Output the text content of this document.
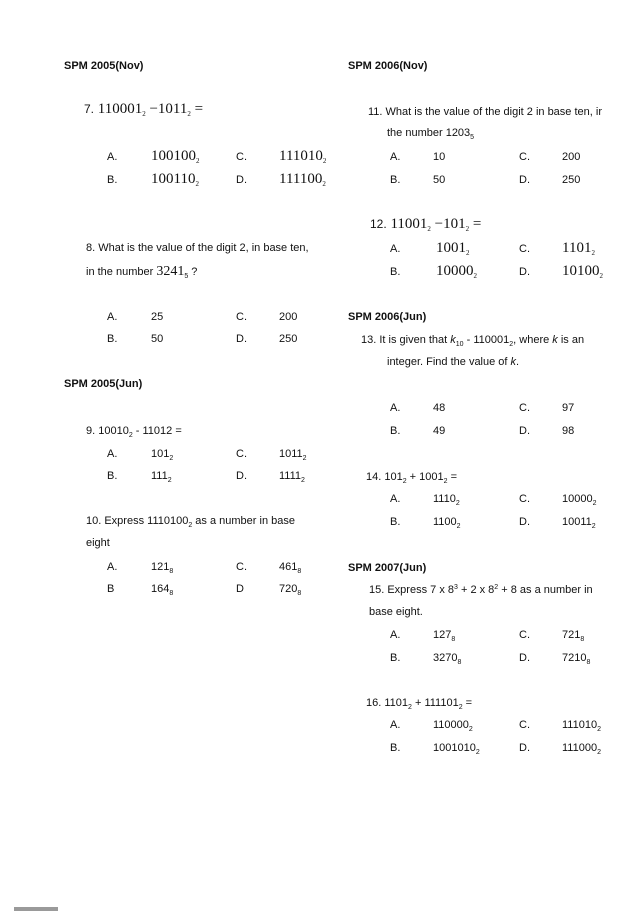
SPM 2005(Nov)
7. $110001_2 -1011_2$ =
A. $100100_2$	C. $111010_2$
B. $100110_2$	D. $111100_2$
8. What is the value of the digit 2, in base ten,
in the number $3241_5$ ?
A.	25	C.	200
B.	50	D.	250
SPM 2005(Jun)
9. $10010_2 - 11012$ =
A.	$101_2$	C.	$1011_2$
B.	$111_2$	D.	$1111_2$
10. Express $1110100_2$ as a number in base
eight
A.	$121_8$	C.	$461_8$
B	$164_8$	D	$720_8$
SPM 2006(Nov)
11. What is the value of the digit 2 in base ten, ir
the number $1203_5$
A.	10	C.	200
B.	50	D.	250
12. $11001_2 -101_2$ =
A. $1001_2$	C. $1101_2$
B. $10000_2$	D. $10100_2$
SPM 2006(Jun)
13. It is given that $k_{10} - 110001_2$, where k is an
integer. Find the value of k.
A.	48	C.	97
B.	49	D.	98
14. $101_2 + 1001_2$ =
A.	$1110_2$	C.	$10000_2$
B.	$1100_2$	D.	$10011_2$
SPM 2007(Jun)
15. Express 7 x $8^3 + 2$ x $8^2 + 8$ as a number in
base eight.
A.	$127_8$	C.	$721_8$
B.	$3270_8$	D.	$7210_8$
16. $1101_2 + 111101_2$ =
A.	$110000_2$	C.	$111010_2$
B.	$1001010_2$	D.	$111000_2$
